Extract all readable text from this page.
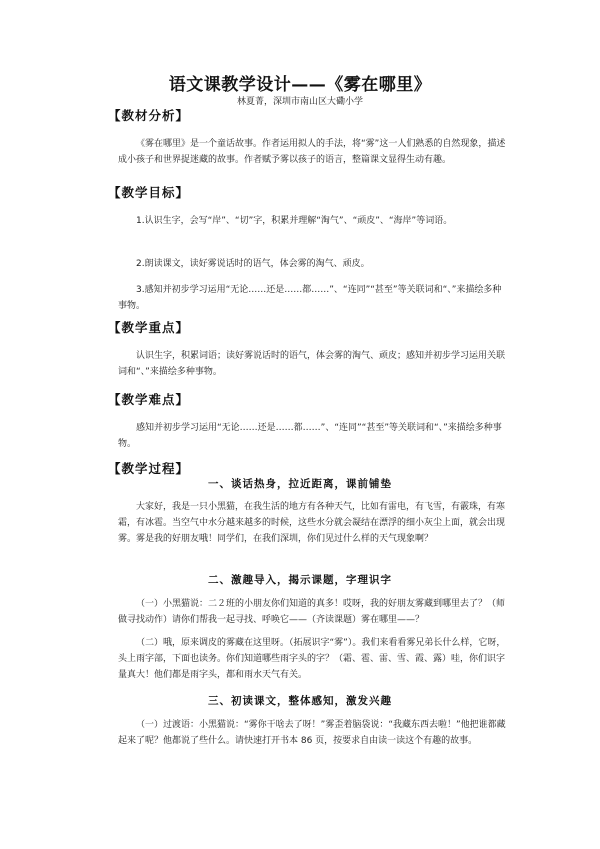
语文课教学设计——《雾在哪里》
林夏菁，深圳市南山区大磡小学
【教材分析】

《雾在哪里》是一个童话故事。作者运用拟人的手法，将“雾”这一人们熟悉的自然现象，描述成小孩子和世界捉迷藏的故事。作者赋予雾以孩子的语言，整篇课文显得生动有趣。

【教学目标】

1.认识生字，会写“岸”、“切”字，积累并理解“淘气”、“顽皮”、“海岸”等词语。

2.朗读课文，读好雾说话时的语气，体会雾的淘气、顽皮。

3.感知并初步学习运用“无论……还是……都……”、“连同”“甚至”等关联词和“、”来描绘多种事物。

【教学重点】

认识生字，积累词语；读好雾说话时的语气，体会雾的淘气、顽皮；感知并初步学习运用关联词和“、”来描绘多种事物。

【教学难点】

感知并初步学习运用“无论……还是……都……”、“连同”“甚至”等关联词和“、”来描绘多种事物。

【教学过程】
一、谈话热身，拉近距离，课前铺垫

大家好，我是一只小黑猫，在我生活的地方有各种天气，比如有雷电，有飞雪，有霰珠，有寒霜，有冰雹。当空气中水分越来越多的时候，这些水分就会凝结在漂浮的细小灰尘上面，就会出现雾。雾是我的好朋友哦！同学们，在我们深圳，你们见过什么样的天气现象啊？

二、激趣导入，揭示课题，字理识字

（一）小黑猫说：二２班的小朋友你们知道的真多！哎呀，我的好朋友雾藏到哪里去了？（师做寻找动作）请你们帮我一起寻找、呼唤它——（齐读课题）雾在哪里——？

（二）哦，原来调皮的雾藏在这里呀。（拓展识字“雾”）。我们来看看雾兄弟长什么样，它呀，头上雨字部，下面也读务。你们知道哪些雨字头的字？（霜、雹、雷、雪、霞、露）哇，你们识字量真大！他们都是雨字头，都和雨水天气有关。

三、初读课文，整体感知，激发兴趣

（一）过渡语：小黑猫说：“雾你干啥去了呀！”雾歪着脑袋说：“我藏东西去啦！”他把谁都藏起来了呢？他都说了些什么。请快速打开书本 86 页，按要求自由读一读这个有趣的故事。
